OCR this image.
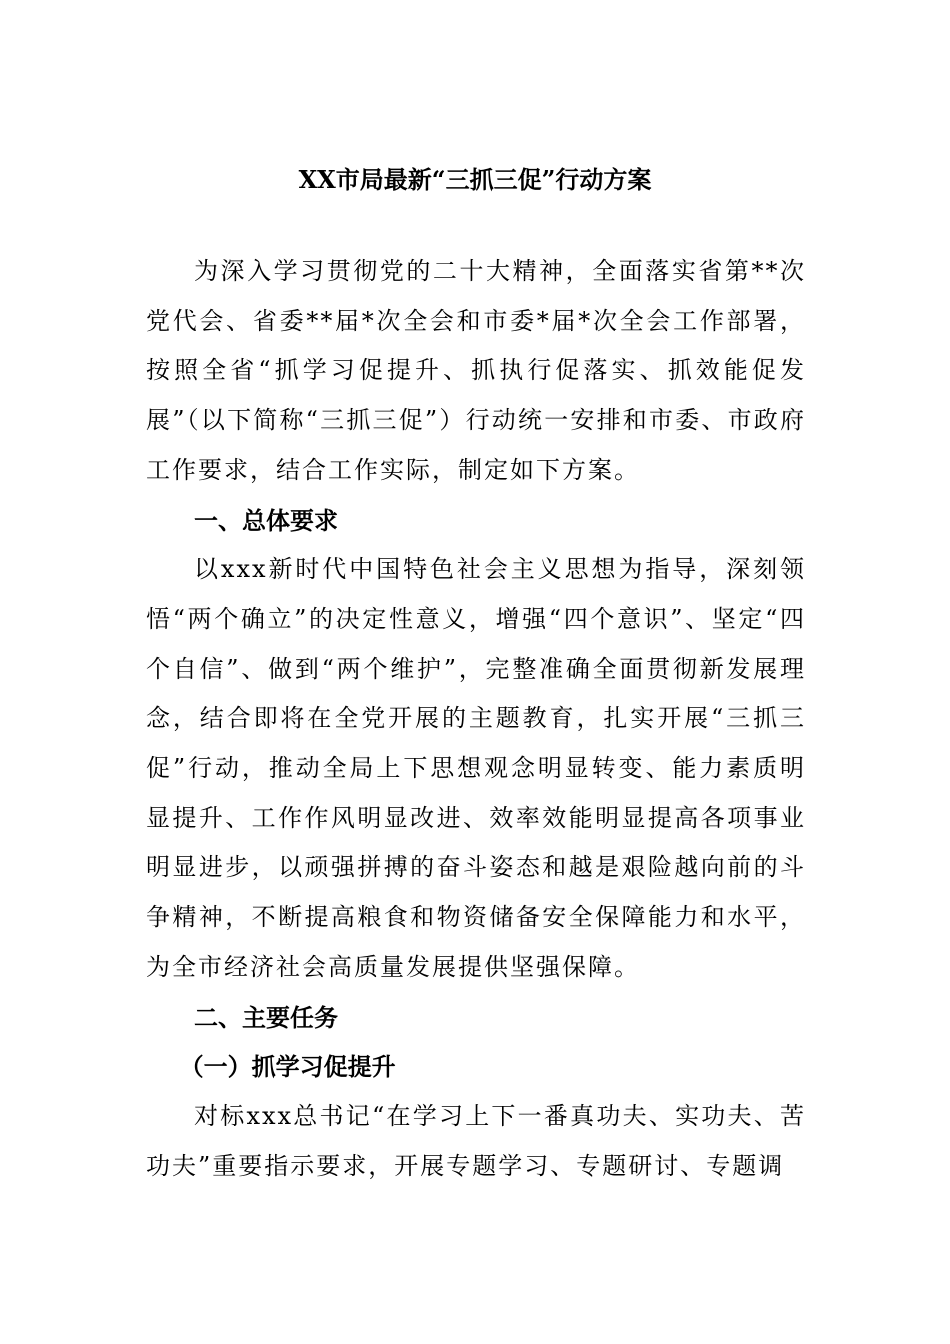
XX市局最新“三抓三促”行动方案

为深入学习贯彻党的二十大精神，全面落实省第**次党代会、省委**届*次全会和市委*届*次全会工作部署，按照全省“抓学习促提升、抓执行促落实、抓效能促发展”（以下简称“三抓三促”）行动统一安排和市委、市政府工作要求，结合工作实际，制定如下方案。

一、总体要求

以xxx新时代中国特色社会主义思想为指导，深刻领悟“两个确立”的决定性意义，增强“四个意识”、坚定“四个自信”、做到“两个维护”，完整准确全面贯彻新发展理念，结合即将在全党开展的主题教育，扎实开展“三抓三促”行动，推动全局上下思想观念明显转变、能力素质明显提升、工作作风明显改进、效率效能明显提高各项事业明显进步，以顽强拼搏的奋斗姿态和越是艰险越向前的斗争精神，不断提高粮食和物资储备安全保障能力和水平，为全市经济社会高质量发展提供坚强保障。

二、主要任务

（一）抓学习促提升

对标xxx总书记“在学习上下一番真功夫、实功夫、苦功夫”重要指示要求，开展专题学习、专题研讨、专题调
